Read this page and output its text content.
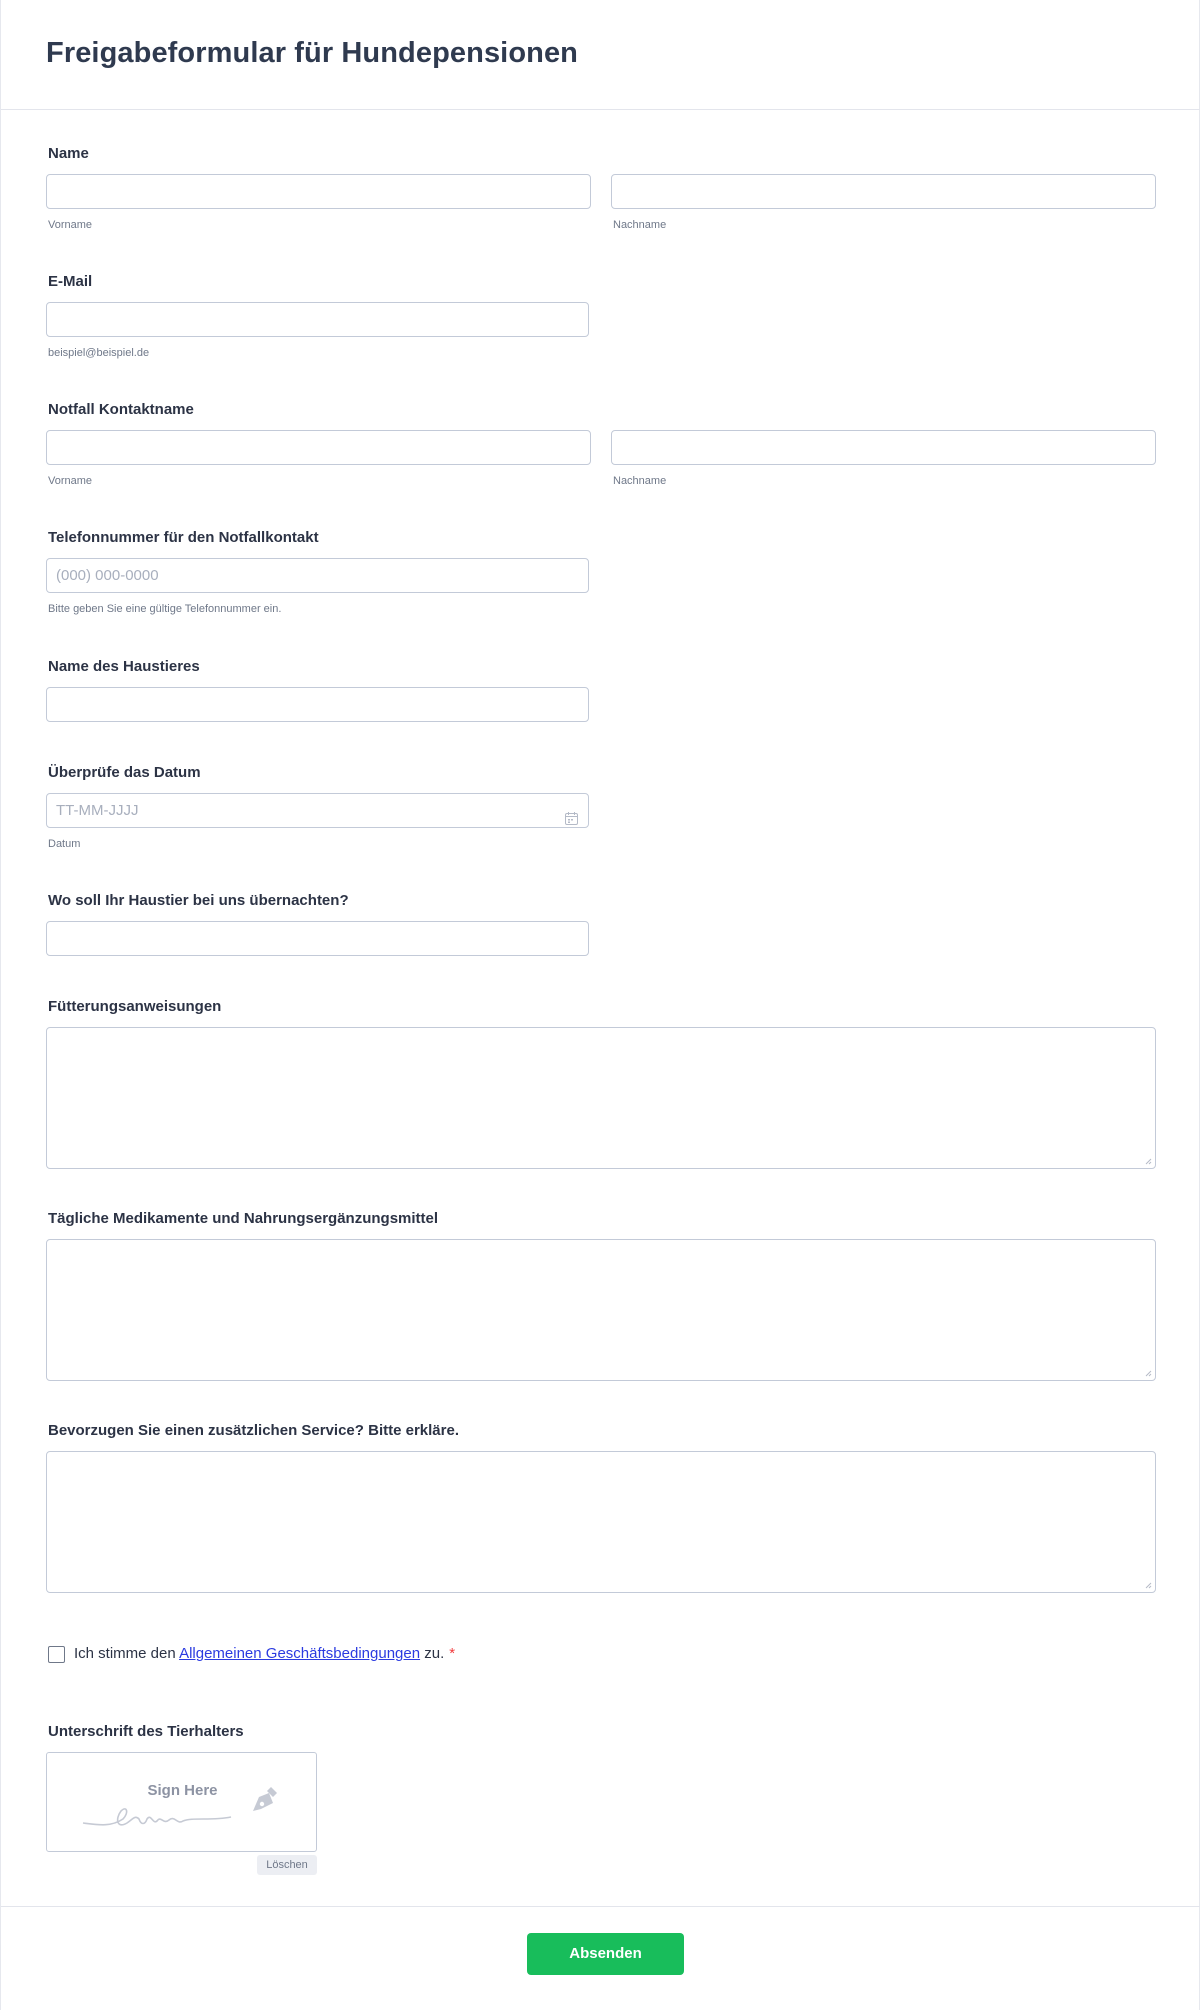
Freigabeformular für Hundepensionen
Name
Vorname	Nachname
E-Mail
beispiel@beispiel.de
Notfall Kontaktname
Vorname	Nachname
Telefonnummer für den Notfallkontakt
(000) 000-0000
Bitte geben Sie eine gültige Telefonnummer ein.
Name des Haustieres
Überprüfe das Datum
TT-MM-JJJJ
Datum
Wo soll Ihr Haustier bei uns übernachten?
Fütterungsanweisungen
Tägliche Medikamente und Nahrungsergänzungsmittel
Bevorzugen Sie einen zusätzlichen Service? Bitte erkläre.
Ich stimme den Allgemeinen Geschäftsbedingungen zu. *
Unterschrift des Tierhalters
Sign Here
Löschen
Absenden
